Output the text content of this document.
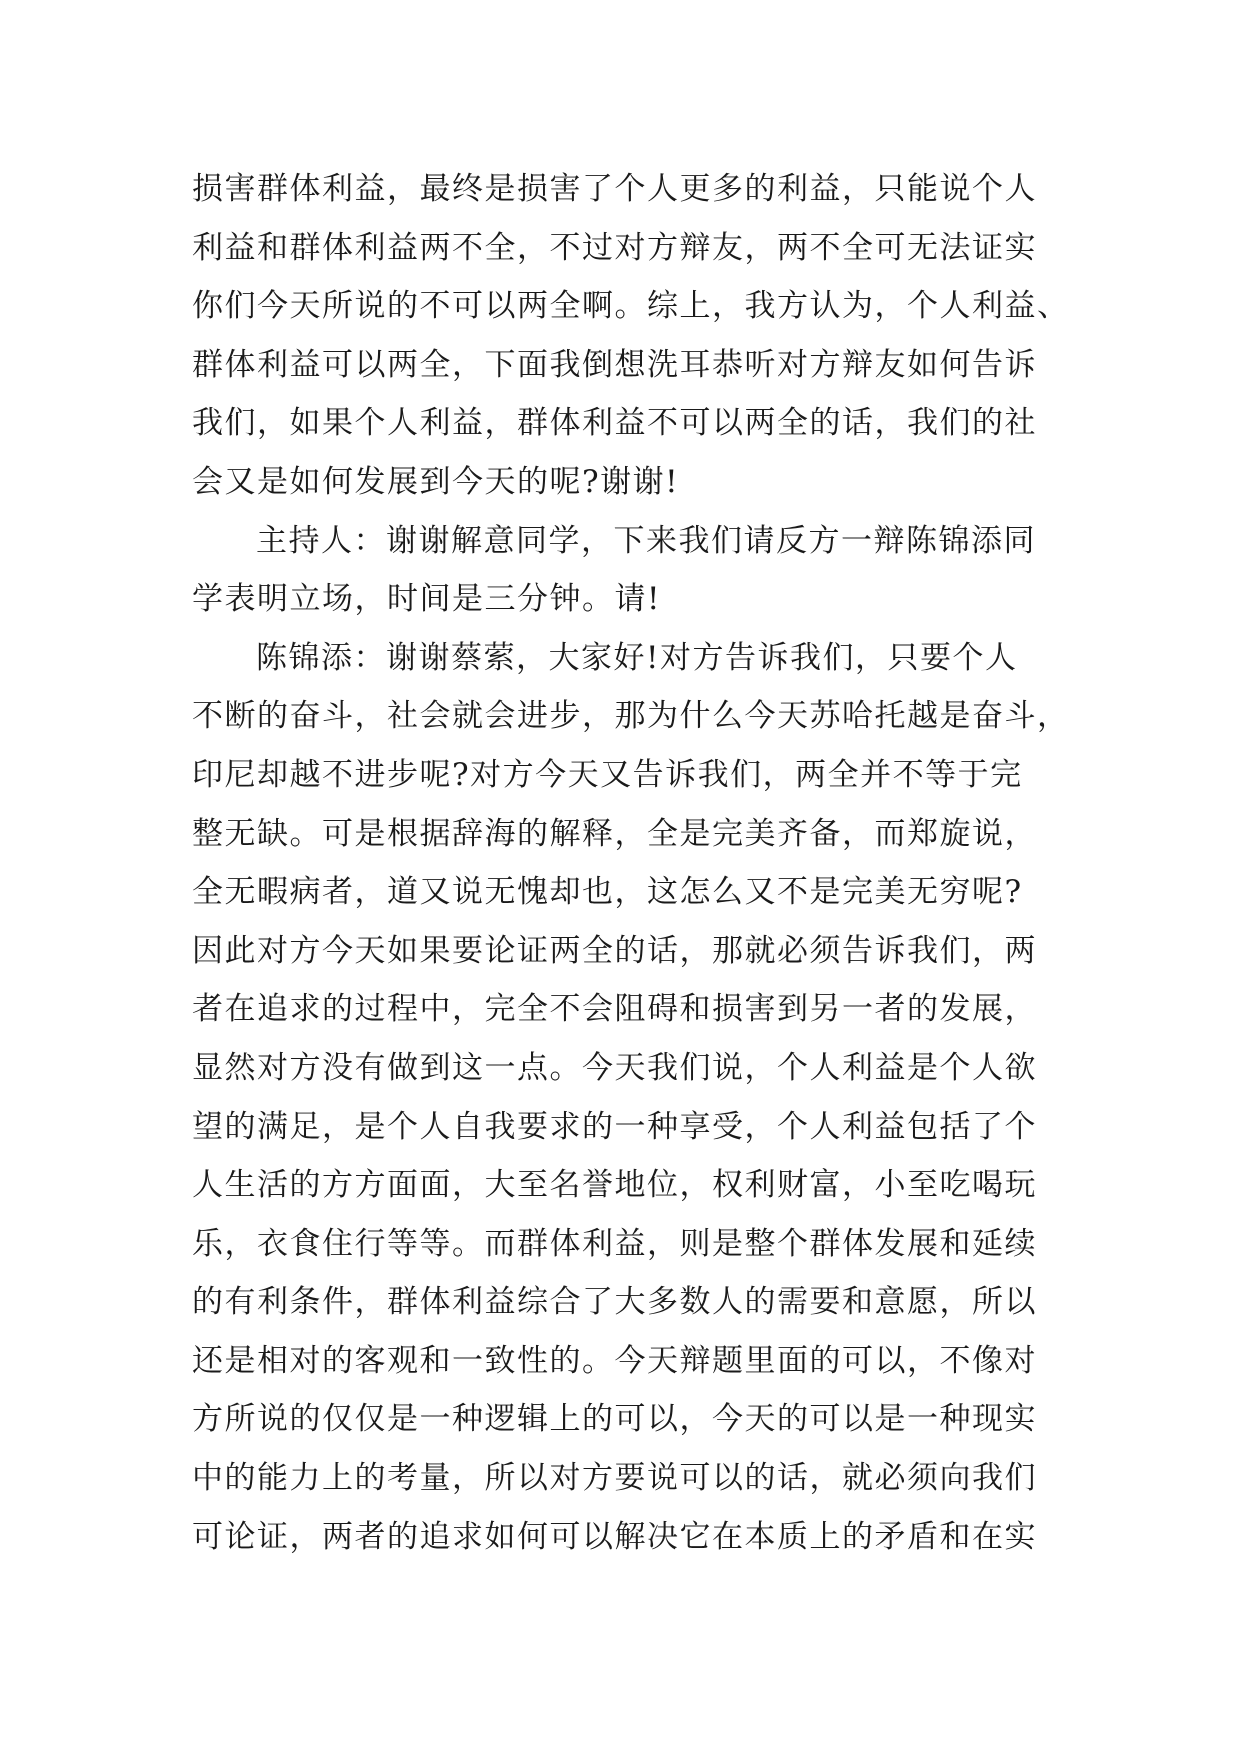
损害群体利益，最终是损害了个人更多的利益，只能说个人
利益和群体利益两不全，不过对方辩友，两不全可无法证实
你们今天所说的不可以两全啊。综上，我方认为，个人利益、
群体利益可以两全，下面我倒想洗耳恭听对方辩友如何告诉
我们，如果个人利益，群体利益不可以两全的话，我们的社
会又是如何发展到今天的呢?谢谢!
主持人：谢谢解意同学，下来我们请反方一辩陈锦添同
学表明立场，时间是三分钟。请!
陈锦添：谢谢蔡萦，大家好!对方告诉我们，只要个人
不断的奋斗，社会就会进步，那为什么今天苏哈托越是奋斗，
印尼却越不进步呢?对方今天又告诉我们，两全并不等于完
整无缺。可是根据辞海的解释，全是完美齐备，而郑旋说，
全无暇病者，道又说无愧却也，这怎么又不是完美无穷呢?
因此对方今天如果要论证两全的话，那就必须告诉我们，两
者在追求的过程中，完全不会阻碍和损害到另一者的发展，
显然对方没有做到这一点。今天我们说，个人利益是个人欲
望的满足，是个人自我要求的一种享受，个人利益包括了个
人生活的方方面面，大至名誉地位，权利财富，小至吃喝玩
乐，衣食住行等等。而群体利益，则是整个群体发展和延续
的有利条件，群体利益综合了大多数人的需要和意愿，所以
还是相对的客观和一致性的。今天辩题里面的可以，不像对
方所说的仅仅是一种逻辑上的可以，今天的可以是一种现实
中的能力上的考量，所以对方要说可以的话，就必须向我们
可论证，两者的追求如何可以解决它在本质上的矛盾和在实
